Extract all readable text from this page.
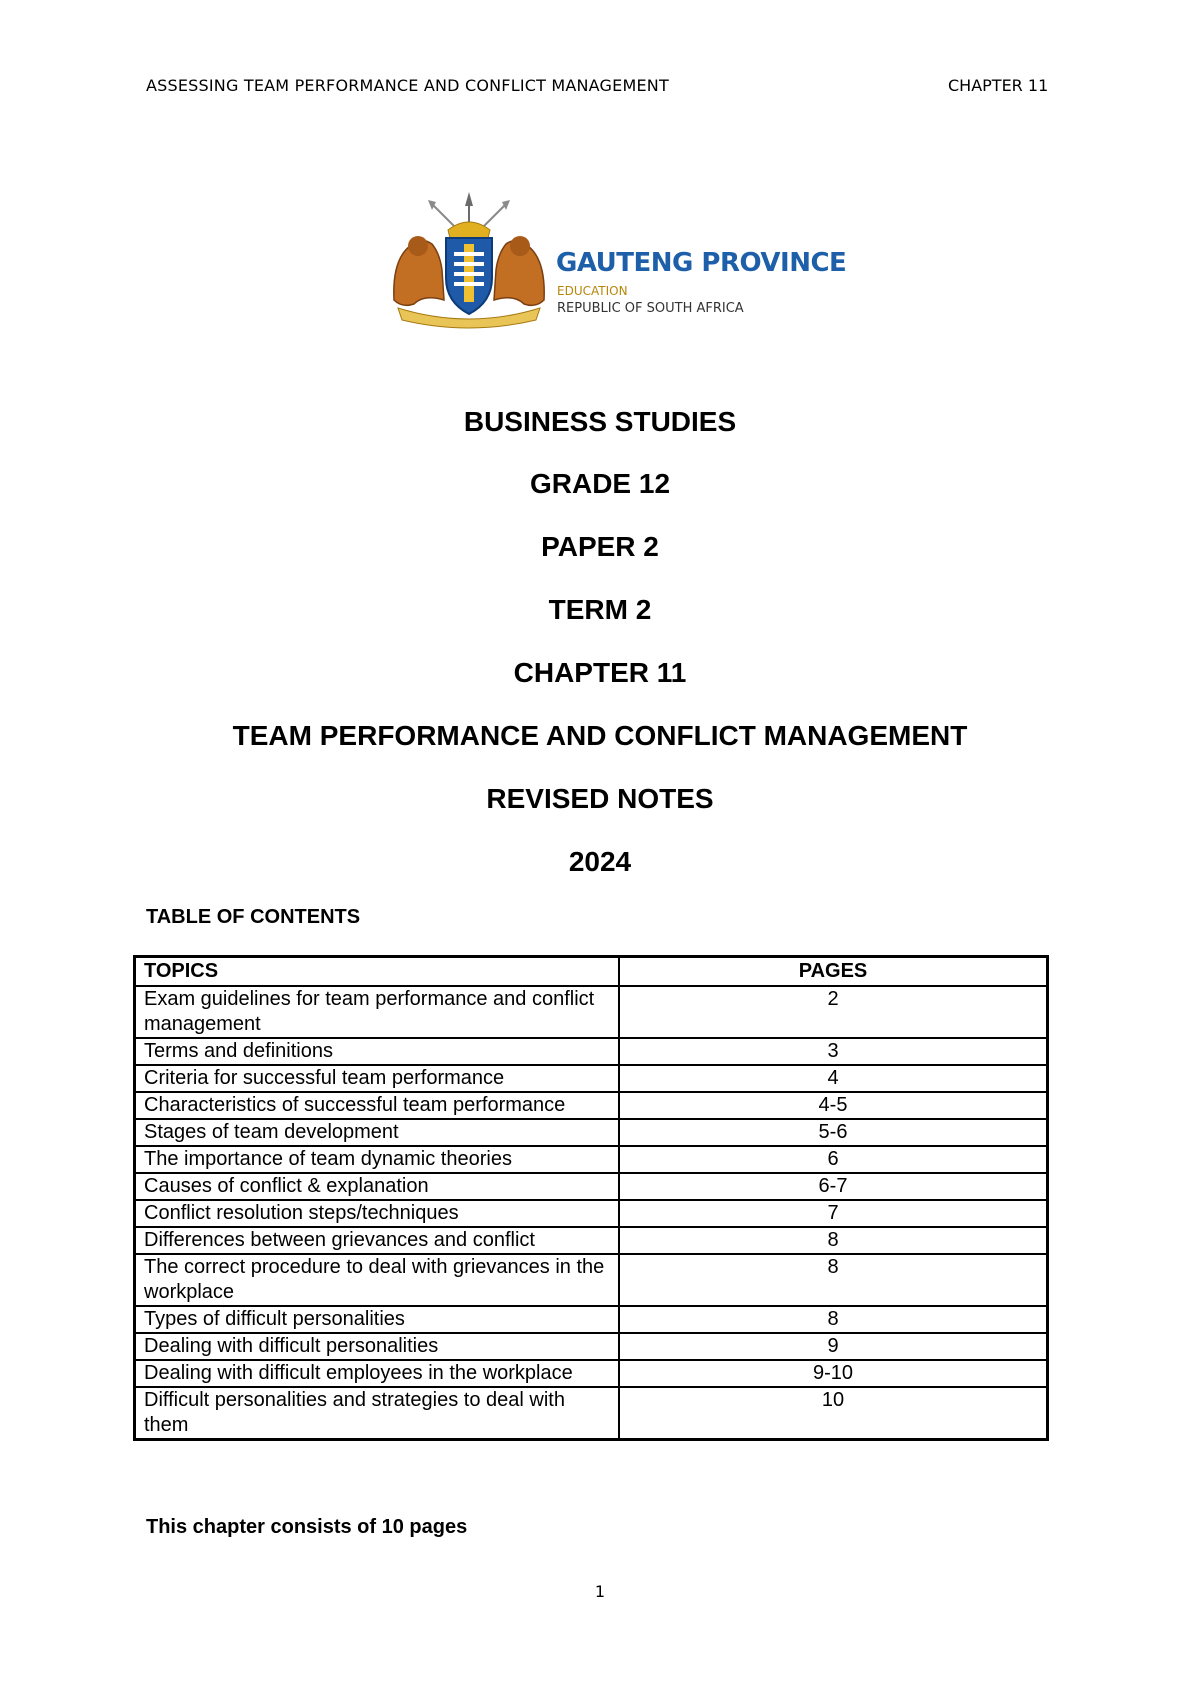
ASSESSING TEAM PERFORMANCE AND CONFLICT MANAGEMENT	CHAPTER 11
GAUTENG PROVINCE
EDUCATION
REPUBLIC OF SOUTH AFRICA
BUSINESS STUDIES
GRADE 12
PAPER 2
TERM 2
CHAPTER 11
TEAM PERFORMANCE AND CONFLICT MANAGEMENT
REVISED NOTES
2024
TABLE OF CONTENTS
TOPICS	PAGES
Exam guidelines for team performance and conflict management	2
Terms and definitions	3
Criteria for successful team performance	4
Characteristics of successful team performance	4-5
Stages of team development	5-6
The importance of team dynamic theories	6
Causes of conflict & explanation	6-7
Conflict resolution steps/techniques	7
Differences between grievances and conflict	8
The correct procedure to deal with grievances in the workplace	8
Types of difficult personalities	8
Dealing with difficult personalities	9
Dealing with difficult employees in the workplace	9-10
Difficult personalities and strategies to deal with them	10
This chapter consists of 10 pages
1
